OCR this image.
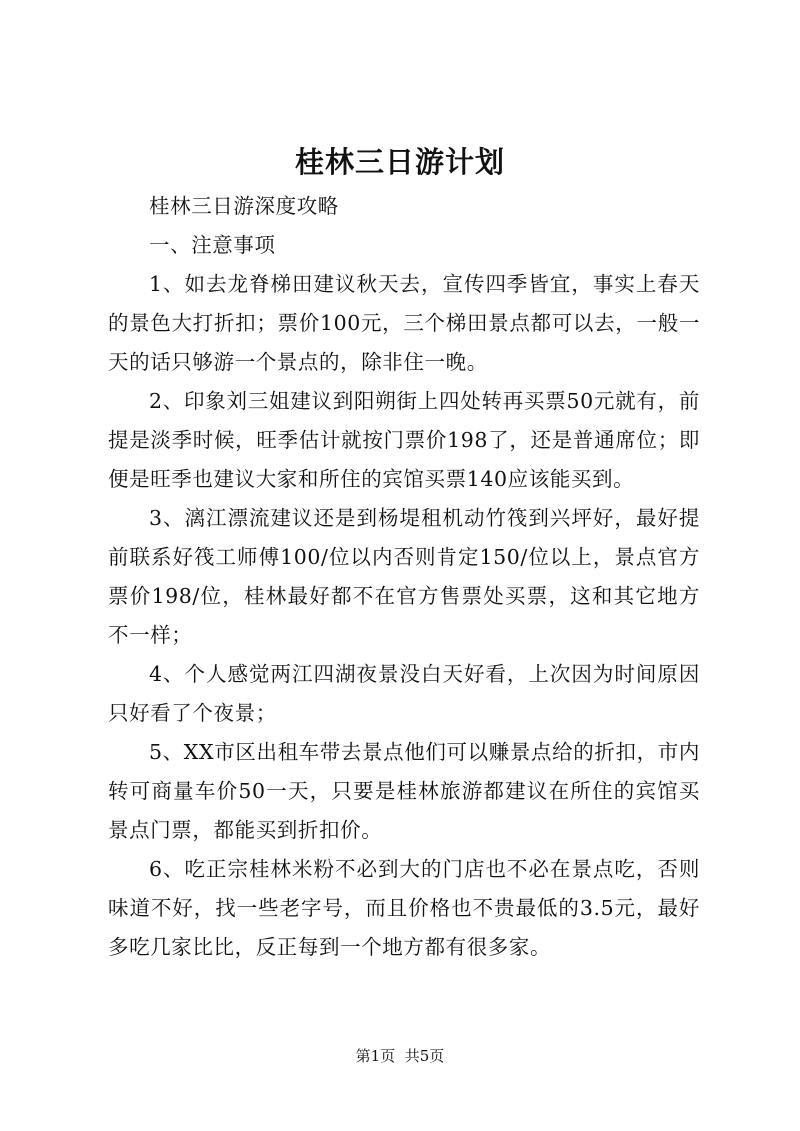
桂林三日游计划

桂林三日游深度攻略

一、注意事项

1、如去龙脊梯田建议秋天去，宣传四季皆宜，事实上春天的景色大打折扣；票价100元，三个梯田景点都可以去，一般一天的话只够游一个景点的，除非住一晚。

2、印象刘三姐建议到阳朔街上四处转再买票50元就有，前提是淡季时候，旺季估计就按门票价198了，还是普通席位；即便是旺季也建议大家和所住的宾馆买票140应该能买到。

3、漓江漂流建议还是到杨堤租机动竹筏到兴坪好，最好提前联系好筏工师傅100/位以内否则肯定150/位以上，景点官方票价198/位，桂林最好都不在官方售票处买票，这和其它地方不一样；

4、个人感觉两江四湖夜景没白天好看，上次因为时间原因只好看了个夜景；

5、XX市区出租车带去景点他们可以赚景点给的折扣，市内转可商量车价50一天，只要是桂林旅游都建议在所住的宾馆买景点门票，都能买到折扣价。

6、吃正宗桂林米粉不必到大的门店也不必在景点吃，否则味道不好，找一些老字号，而且价格也不贵最低的3.5元，最好多吃几家比比，反正每到一个地方都有很多家。

第1页 共5页
